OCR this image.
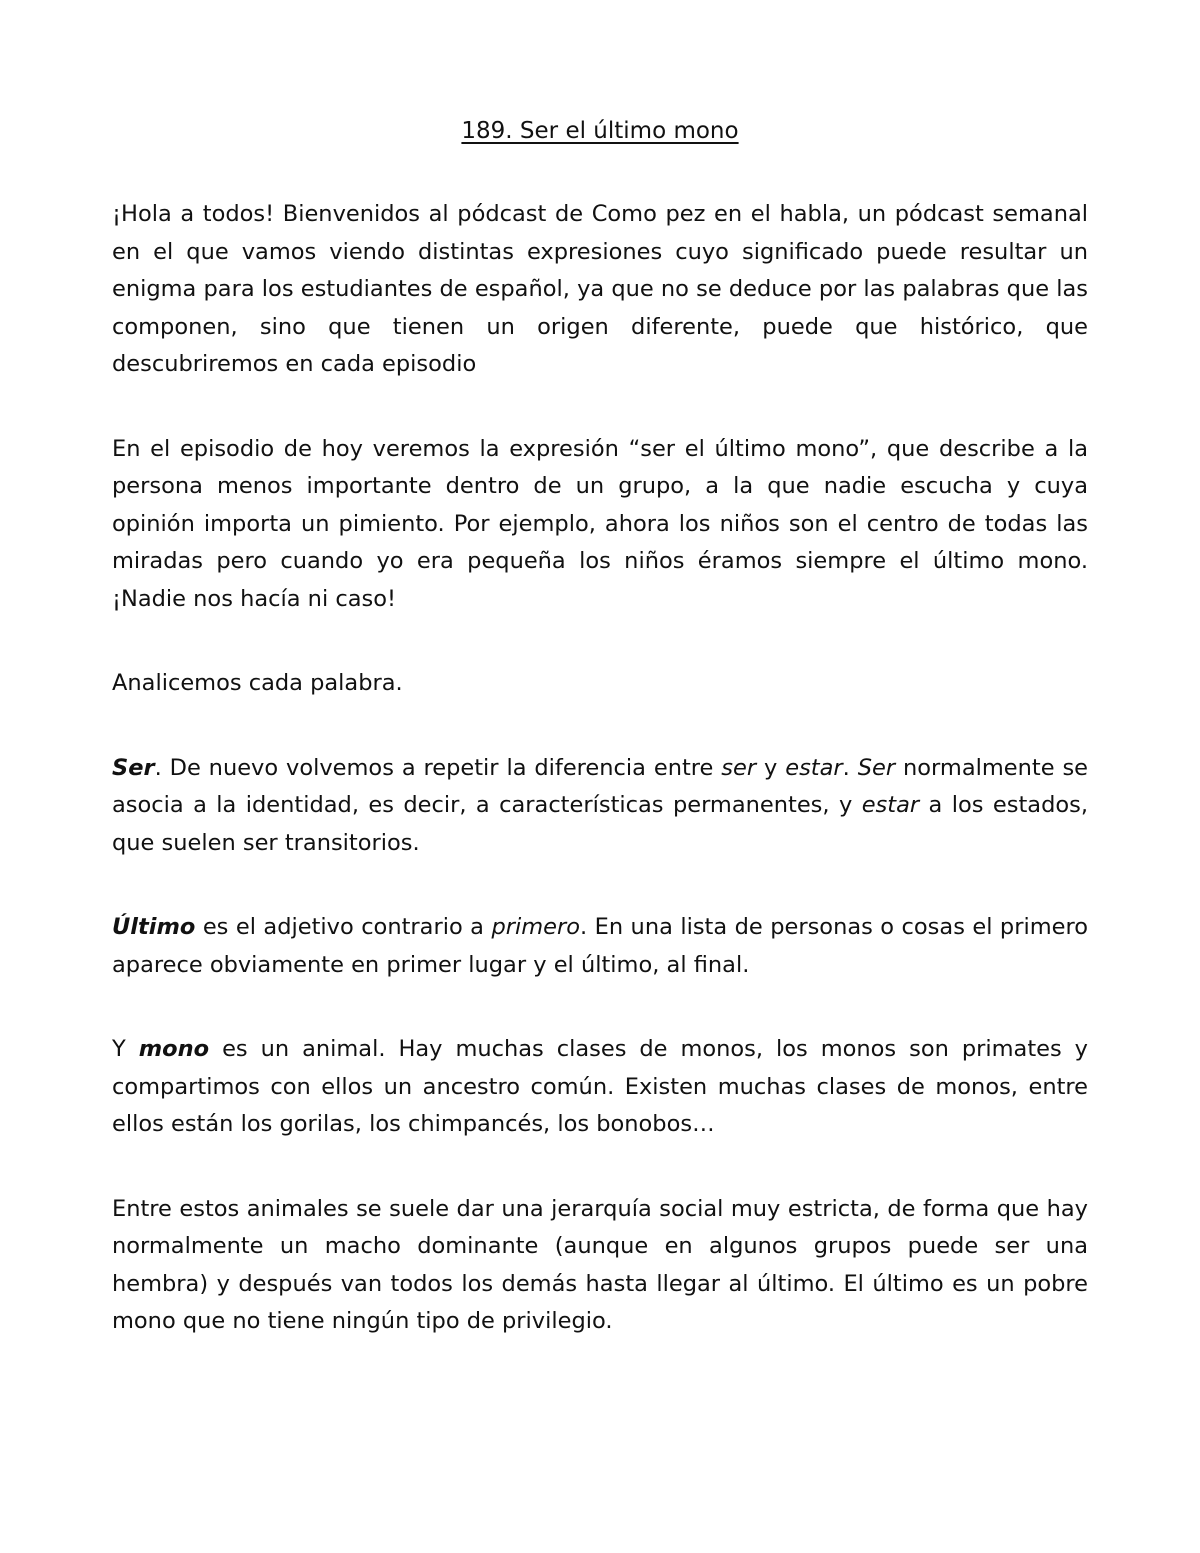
189. Ser el último mono

¡Hola a todos! Bienvenidos al pódcast de Como pez en el habla, un pódcast semanal en el que vamos viendo distintas expresiones cuyo significado puede resultar un enigma para los estudiantes de español, ya que no se deduce por las palabras que las componen, sino que tienen un origen diferente, puede que histórico, que descubriremos en cada episodio

En el episodio de hoy veremos la expresión “ser el último mono”, que describe a la persona menos importante dentro de un grupo, a la que nadie escucha y cuya opinión importa un pimiento. Por ejemplo, ahora los niños son el centro de todas las miradas pero cuando yo era pequeña los niños éramos siempre el último mono. ¡Nadie nos hacía ni caso!

Analicemos cada palabra.

Ser. De nuevo volvemos a repetir la diferencia entre ser y estar. Ser normalmente se asocia a la identidad, es decir, a características permanentes, y estar a los estados, que suelen ser transitorios.

Último es el adjetivo contrario a primero. En una lista de personas o cosas el primero aparece obviamente en primer lugar y el último, al final.

Y mono es un animal. Hay muchas clases de monos, los monos son primates y compartimos con ellos un ancestro común. Existen muchas clases de monos, entre ellos están los gorilas, los chimpancés, los bonobos…

Entre estos animales se suele dar una jerarquía social muy estricta, de forma que hay normalmente un macho dominante (aunque en algunos grupos puede ser una hembra) y después van todos los demás hasta llegar al último. El último es un pobre mono que no tiene ningún tipo de privilegio.
